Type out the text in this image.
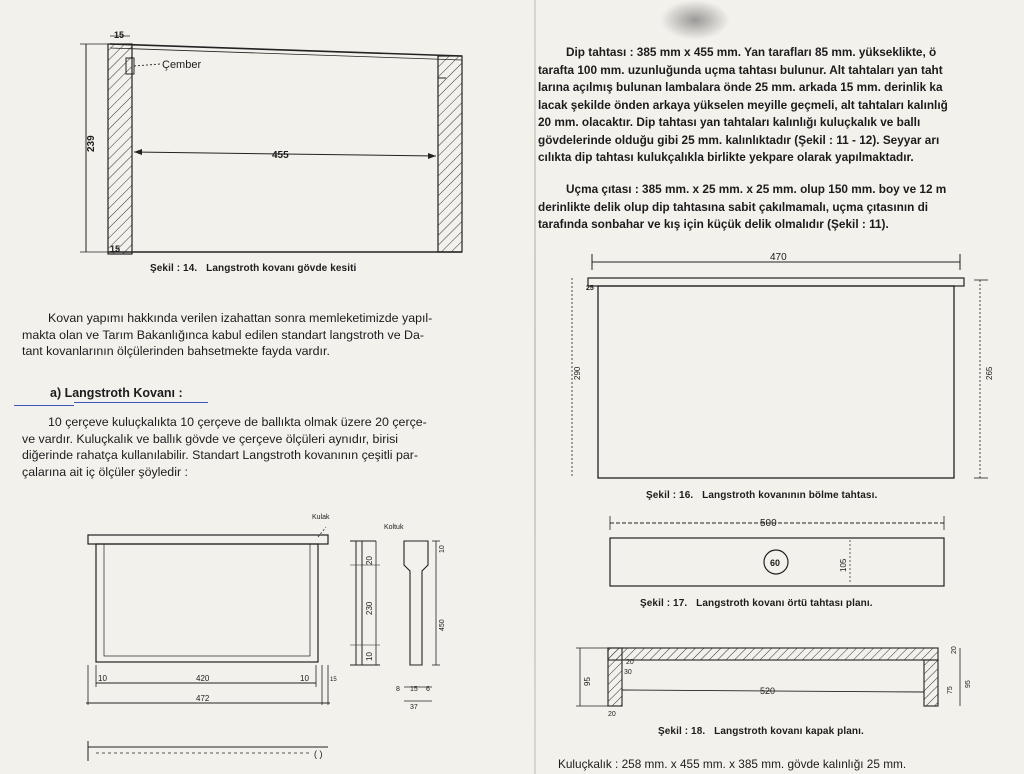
15
Çember
455
239
15
Şekil : 14. Langstroth kovanı gövde kesiti
Kovan yapımı hakkında verilen izahattan sonra memleketimizde yapıl-
makta olan ve Tarım Bakanlığınca kabul edilen standart langstroth ve Da-
tant kovanlarının ölçülerinden bahsetmekte fayda vardır.
a) Langstroth Kovanı :
10 çerçeve kuluçkalıkta 10 çerçeve de ballıkta olmak üzere 20 çerçe-
ve vardır. Kuluçkalık ve ballık gövde ve çerçeve ölçüleri aynıdır, birisi
diğerinde rahatça kullanılabilir. Standart Langstroth kovanının çeşitli par-
çalarına ait iç ölçüler şöyledir :
Kulak
Koltuk
10	420	10	15
472
20
230
10
10
450
8 15 6
37
( )
Dip tahtası : 385 mm x 455 mm. Yan tarafları 85 mm. yükseklikte, ö
tarafta 100 mm. uzunluğunda uçma tahtası bulunur. Alt tahtaları yan taht
larına açılmış bulunan lambalara önde 25 mm. arkada 15 mm. derinlik ka
lacak şekilde önden arkaya yükselen meyille geçmeli, alt tahtaları kalınlığ
20 mm. olacaktır. Dip tahtası yan tahtaları kalınlığı kuluçkalık ve ballı
gövdelerinde olduğu gibi 25 mm. kalınlıktadır (Şekil : 11 - 12). Seyyar arı
cılıkta dip tahtası kulukçalıkla birlikte yekpare olarak yapılmaktadır.
Uçma çıtası : 385 mm. x 25 mm. x 25 mm. olup 150 mm. boy ve 12 m
derinlikte delik olup dip tahtasına sabit çakılmamalı, uçma çıtasının di
tarafında sonbahar ve kış için küçük delik olmalıdır (Şekil : 11).
470
25
290	265
Şekil : 16. Langstroth kovanının bölme tahtası.
500
60	105
Şekil : 17. Langstroth kovanı örtü tahtası planı.
20
30
95
20
520
20
75
95
Şekil : 18. Langstroth kovanı kapak planı.
Kuluçkalık : 258 mm. x 455 mm. x 385 mm. gövde kalınlığı 25 mm.
